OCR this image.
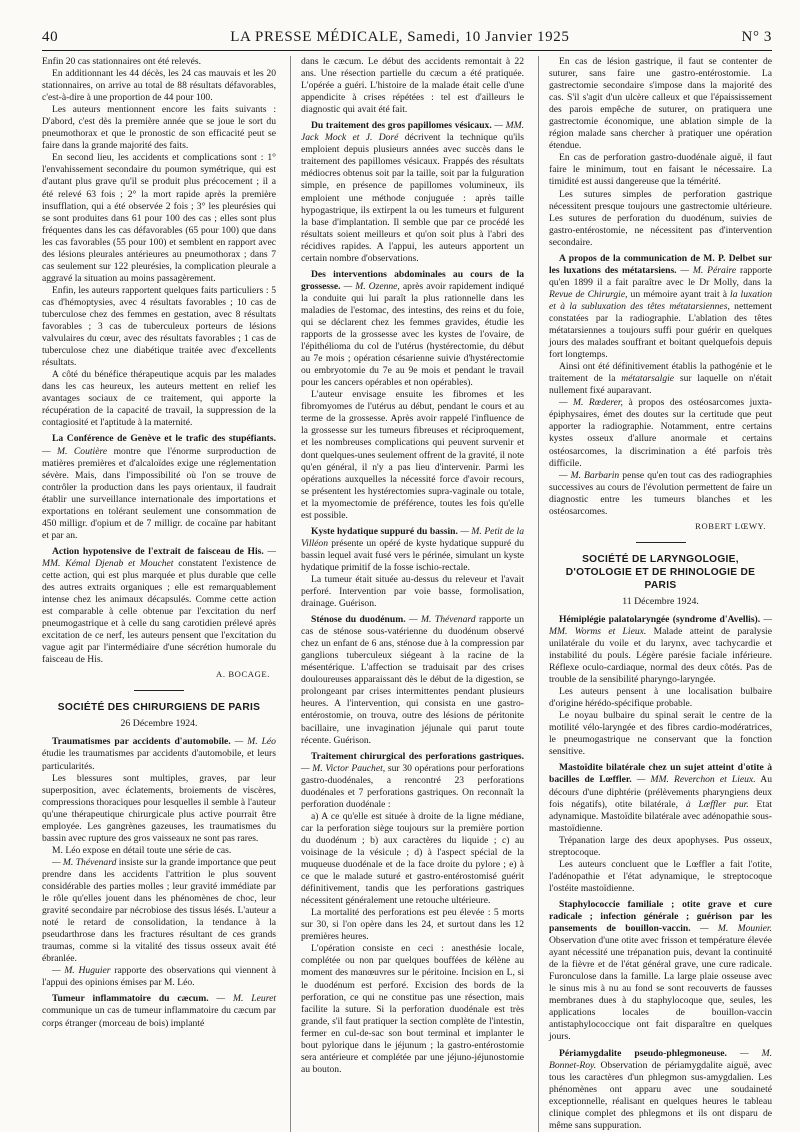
40	LA PRESSE MÉDICALE, Samedi, 10 Janvier 1925	N° 3

Enfin 20 cas stationnaires ont été relevés.

En additionnant les 44 décès, les 24 cas mauvais et les 20 stationnaires, on arrive au total de 88 résultats défavorables, c'est-à-dire à une proportion de 44 pour 100.

Les auteurs mentionnent encore les faits suivants : D'abord, c'est dès la première année que se joue le sort du pneumothorax et que le pronostic de son efficacité peut se faire dans la grande majorité des faits.

En second lieu, les accidents et complications sont : 1° l'envahissement secondaire du poumon symétrique, qui est d'autant plus grave qu'il se produit plus précocement ; il a été relevé 63 fois ; 2° la mort rapide après la première insufflation, qui a été observée 2 fois ; 3° les pleurésies qui se sont produites dans 61 pour 100 des cas ; elles sont plus fréquentes dans les cas défavorables (65 pour 100) que dans les cas favorables (55 pour 100) et semblent en rapport avec des lésions pleurales antérieures au pneumothorax ; dans 7 cas seulement sur 122 pleurésies, la complication pleurale a aggravé la situation au moins passagèrement.

Enfin, les auteurs rapportent quelques faits particuliers : 5 cas d'hémoptysies, avec 4 résultats favorables ; 10 cas de tuberculose chez des femmes en gestation, avec 8 résultats favorables ; 3 cas de tuberculeux porteurs de lésions valvulaires du cœur, avec des résultats favorables ; 1 cas de tuberculose chez une diabétique traitée avec d'excellents résultats.

A côté du bénéfice thérapeutique acquis par les malades dans les cas heureux, les auteurs mettent en relief les avantages sociaux de ce traitement, qui apporte la récupération de la capacité de travail, la suppression de la contagiosité et l'aptitude à la maternité.

La Conférence de Genève et le trafic des stupéfiants. — M. Coutière montre que l'énorme surproduction de matières premières et d'alcaloïdes exige une réglementation sévère. Mais, dans l'impossibilité où l'on se trouve de contrôler la production dans les pays orientaux, il faudrait établir une surveillance internationale des importations et exportations en tolérant seulement une consommation de 450 milligr. d'opium et de 7 milligr. de cocaïne par habitant et par an.

Action hypotensive de l'extrait de faisceau de His. — MM. Kémal Djenab et Mouchet constatent l'existence de cette action, qui est plus marquée et plus durable que celle des autres extraits organiques ; elle est remarquablement intense chez les animaux décapsulés. Comme cette action est comparable à celle obtenue par l'excitation du nerf pneumogastrique et à celle du sang carotidien prélevé après excitation de ce nerf, les auteurs pensent que l'excitation du vague agit par l'intermédiaire d'une sécrétion humorale du faisceau de His.

A. BOCAGE.
SOCIÉTÉ DES CHIRURGIENS DE PARIS
26 Décembre 1924.

Traumatismes par accidents d'automobile. — M. Léo étudie les traumatismes par accidents d'automobile, et leurs particularités.

Les blessures sont multiples, graves, par leur superposition, avec éclatements, broiements de viscères, compressions thoraciques pour lesquelles il semble à l'auteur qu'une thérapeutique chirurgicale plus active pourrait être employée. Les gangrènes gazeuses, les traumatismes du bassin avec rupture des gros vaisseaux ne sont pas rares.

M. Léo expose en détail toute une série de cas.

— M. Thévenard insiste sur la grande importance que peut prendre dans les accidents l'attrition le plus souvent considérable des parties molles ; leur gravité immédiate par le rôle qu'elles jouent dans les phénomènes de choc, leur gravité secondaire par nécrobiose des tissus lésés. L'auteur a noté le retard de consolidation, la tendance à la pseudarthrose dans les fractures résultant de ces grands traumas, comme si la vitalité des tissus osseux avait été ébranlée.

— M. Huguier rapporte des observations qui viennent à l'appui des opinions émises par M. Léo.

Tumeur inflammatoire du cæcum. — M. Leuret communique un cas de tumeur inflammatoire du cæcum par corps étranger (morceau de bois) implanté

dans le cæcum. Le début des accidents remontait à 22 ans. Une résection partielle du cæcum a été pratiquée. L'opérée a guéri. L'histoire de la malade était celle d'une appendicite à crises répétées : tel est d'ailleurs le diagnostic qui avait été fait.

Du traitement des gros papillomes vésicaux. — MM. Jack Mock et J. Doré décrivent la technique qu'ils emploient depuis plusieurs années avec succès dans le traitement des papillomes vésicaux. Frappés des résultats médiocres obtenus soit par la taille, soit par la fulguration simple, en présence de papillomes volumineux, ils emploient une méthode conjuguée : après taille hypogastrique, ils extirpent la ou les tumeurs et fulgurent la base d'implantation. Il semble que par ce procédé les résultats soient meilleurs et qu'on soit plus à l'abri des récidives rapides. A l'appui, les auteurs apportent un certain nombre d'observations.

Des interventions abdominales au cours de la grossesse. — M. Ozenne, après avoir rapidement indiqué la conduite qui lui paraît la plus rationnelle dans les maladies de l'estomac, des intestins, des reins et du foie, qui se déclarent chez les femmes gravides, étudie les rapports de la grossesse avec les kystes de l'ovaire, de l'épithélioma du col de l'utérus (hystérectomie, du début au 7e mois ; opération césarienne suivie d'hystérectomie ou embryotomie du 7e au 9e mois et pendant le travail pour les cancers opérables et non opérables).

L'auteur envisage ensuite les fibromes et les fibromyomes de l'utérus au début, pendant le cours et au terme de la grossesse. Après avoir rappelé l'influence de la grossesse sur les tumeurs fibreuses et réciproquement, et les nombreuses complications qui peuvent survenir et dont quelques-unes seulement offrent de la gravité, il note qu'en général, il n'y a pas lieu d'intervenir. Parmi les opérations auxquelles la nécessité force d'avoir recours, se présentent les hystérectomies supra-vaginale ou totale, et la myomectomie de préférence, toutes les fois qu'elle est possible.

Kyste hydatique suppuré du bassin. — M. Petit de la Villéon présente un opéré de kyste hydatique suppuré du bassin lequel avait fusé vers le périnée, simulant un kyste hydatique primitif de la fosse ischio-rectale.

La tumeur était située au-dessus du releveur et l'avait perforé. Intervention par voie basse, formolisation, drainage. Guérison.

Sténose du duodénum. — M. Thévenard rapporte un cas de sténose sous-vatérienne du duodénum observé chez un enfant de 6 ans, sténose due à la compression par ganglions tuberculeux siégeant à la racine de la mésentérique. L'affection se traduisait par des crises douloureuses apparaissant dès le début de la digestion, se prolongeant par crises intermittentes pendant plusieurs heures. A l'intervention, qui consista en une gastro-entérostomie, on trouva, outre des lésions de péritonite bacillaire, une invagination jéjunale qui parut toute récente. Guérison.

Traitement chirurgical des perforations gastriques. — M. Victor Pauchet, sur 30 opérations pour perforations gastro-duodénales, a rencontré 23 perforations duodénales et 7 perforations gastriques. On reconnaît la perforation duodénale :

a) A ce qu'elle est située à droite de la ligne médiane, car la perforation siège toujours sur la première portion du duodénum ; b) aux caractères du liquide ; c) au voisinage de la vésicule ; d) à l'aspect spécial de la muqueuse duodénale et de la face droite du pylore ; e) à ce que le malade suturé et gastro-entérostomisé guérit définitivement, tandis que les perforations gastriques nécessitent généralement une retouche ultérieure.

La mortalité des perforations est peu élevée : 5 morts sur 30, si l'on opère dans les 24, et surtout dans les 12 premières heures.

L'opération consiste en ceci : anesthésie locale, complétée ou non par quelques bouffées de kélène au moment des manœuvres sur le péritoine. Incision en L, si le duodénum est perforé. Excision des bords de la perforation, ce qui ne constitue pas une résection, mais facilite la suture. Si la perforation duodénale est très grande, s'il faut pratiquer la section complète de l'intestin, fermer en cul-de-sac son bout terminal et implanter le bout pylorique dans le jéjunum ; la gastro-entérostomie sera antérieure et complétée par une jéjuno-jéjunostomie au bouton.

En cas de lésion gastrique, il faut se contenter de suturer, sans faire une gastro-entérostomie. La gastrectomie secondaire s'impose dans la majorité des cas. S'il s'agit d'un ulcère calleux et que l'épaississement des parois empêche de suturer, on pratiquera une gastrectomie économique, une ablation simple de la région malade sans chercher à pratiquer une opération étendue.

En cas de perforation gastro-duodénale aiguë, il faut faire le minimum, tout en faisant le nécessaire. La timidité est aussi dangereuse que la témérité.

Les sutures simples de perforation gastrique nécessitent presque toujours une gastrectomie ultérieure. Les sutures de perforation du duodénum, suivies de gastro-entérostomie, ne nécessitent pas d'intervention secondaire.

A propos de la communication de M. P. Delbet sur les luxations des métatarsiens. — M. Péraire rapporte qu'en 1899 il a fait paraître avec le Dr Molly, dans la Revue de Chirurgie, un mémoire ayant trait à la luxation et à la subluxation des têtes métatarsiennes, nettement constatées par la radiographie. L'ablation des têtes métatarsiennes a toujours suffi pour guérir en quelques jours des malades souffrant et boitant quelquefois depuis fort longtemps.

Ainsi ont été définitivement établis la pathogénie et le traitement de la métatarsalgie sur laquelle on n'était nullement fixé auparavant.

— M. Rœderer, à propos des ostéosarcomes juxta-épiphysaires, émet des doutes sur la certitude que peut apporter la radiographie. Notamment, entre certains kystes osseux d'allure anormale et certains ostéosarcomes, la discrimination a été parfois très difficile.

— M. Barbarin pense qu'en tout cas des radiographies successives au cours de l'évolution permettent de faire un diagnostic entre les tumeurs blanches et les ostéosarcomes.

ROBERT LŒWY.
SOCIÉTÉ DE LARYNGOLOGIE, D'OTOLOGIE ET DE RHINOLOGIE DE PARIS
11 Décembre 1924.

Hémiplégie palatolaryngée (syndrome d'Avellis). — MM. Worms et Lieux. Malade atteint de paralysie unilatérale du voile et du larynx, avec tachycardie et instabilité du pouls. Légère parésie faciale inférieure. Réflexe oculo-cardiaque, normal des deux côtés. Pas de trouble de la sensibilité pharyngo-laryngée.

Les auteurs pensent à une localisation bulbaire d'origine hérédo-spécifique probable.

Le noyau bulbaire du spinal serait le centre de la motilité vélo-laryngée et des fibres cardio-modératrices, le pneumogastrique ne conservant que la fonction sensitive.

Mastoïdite bilatérale chez un sujet atteint d'otite à bacilles de Lœffler. — MM. Reverchon et Lieux. Au décours d'une diphtérie (prélèvements pharyngiens deux fois négatifs), otite bilatérale, à Lœffler pur. Etat adynamique. Mastoïdite bilatérale avec adénopathie sous-mastoïdienne.

Trépanation large des deux apophyses. Pus osseux, streptocoque.

Les auteurs concluent que le Lœffler a fait l'otite, l'adénopathie et l'état adynamique, le streptocoque l'ostéite mastoïdienne.

Staphylococcie familiale ; otite grave et cure radicale ; infection générale ; guérison par les pansements de bouillon-vaccin. — M. Mounier. Observation d'une otite avec frisson et température élevée ayant nécessité une trépanation puis, devant la continuité de la fièvre et de l'état général grave, une cure radicale. Furonculose dans la famille. La large plaie osseuse avec le sinus mis à nu au fond se sont recouverts de fausses membranes dues à du staphylocoque que, seules, les applications locales de bouillon-vaccin antistaphylococcique ont fait disparaître en quelques jours.

Périamygdalite pseudo-phlegmoneuse. — M. Bonnet-Roy. Observation de périamygdalite aiguë, avec tous les caractères d'un phlegmon sus-amygdalien. Les phénomènes ont apparu avec une soudaineté exceptionnelle, réalisant en quelques heures le tableau clinique complet des phlegmons et ils ont disparu de même sans suppuration.
